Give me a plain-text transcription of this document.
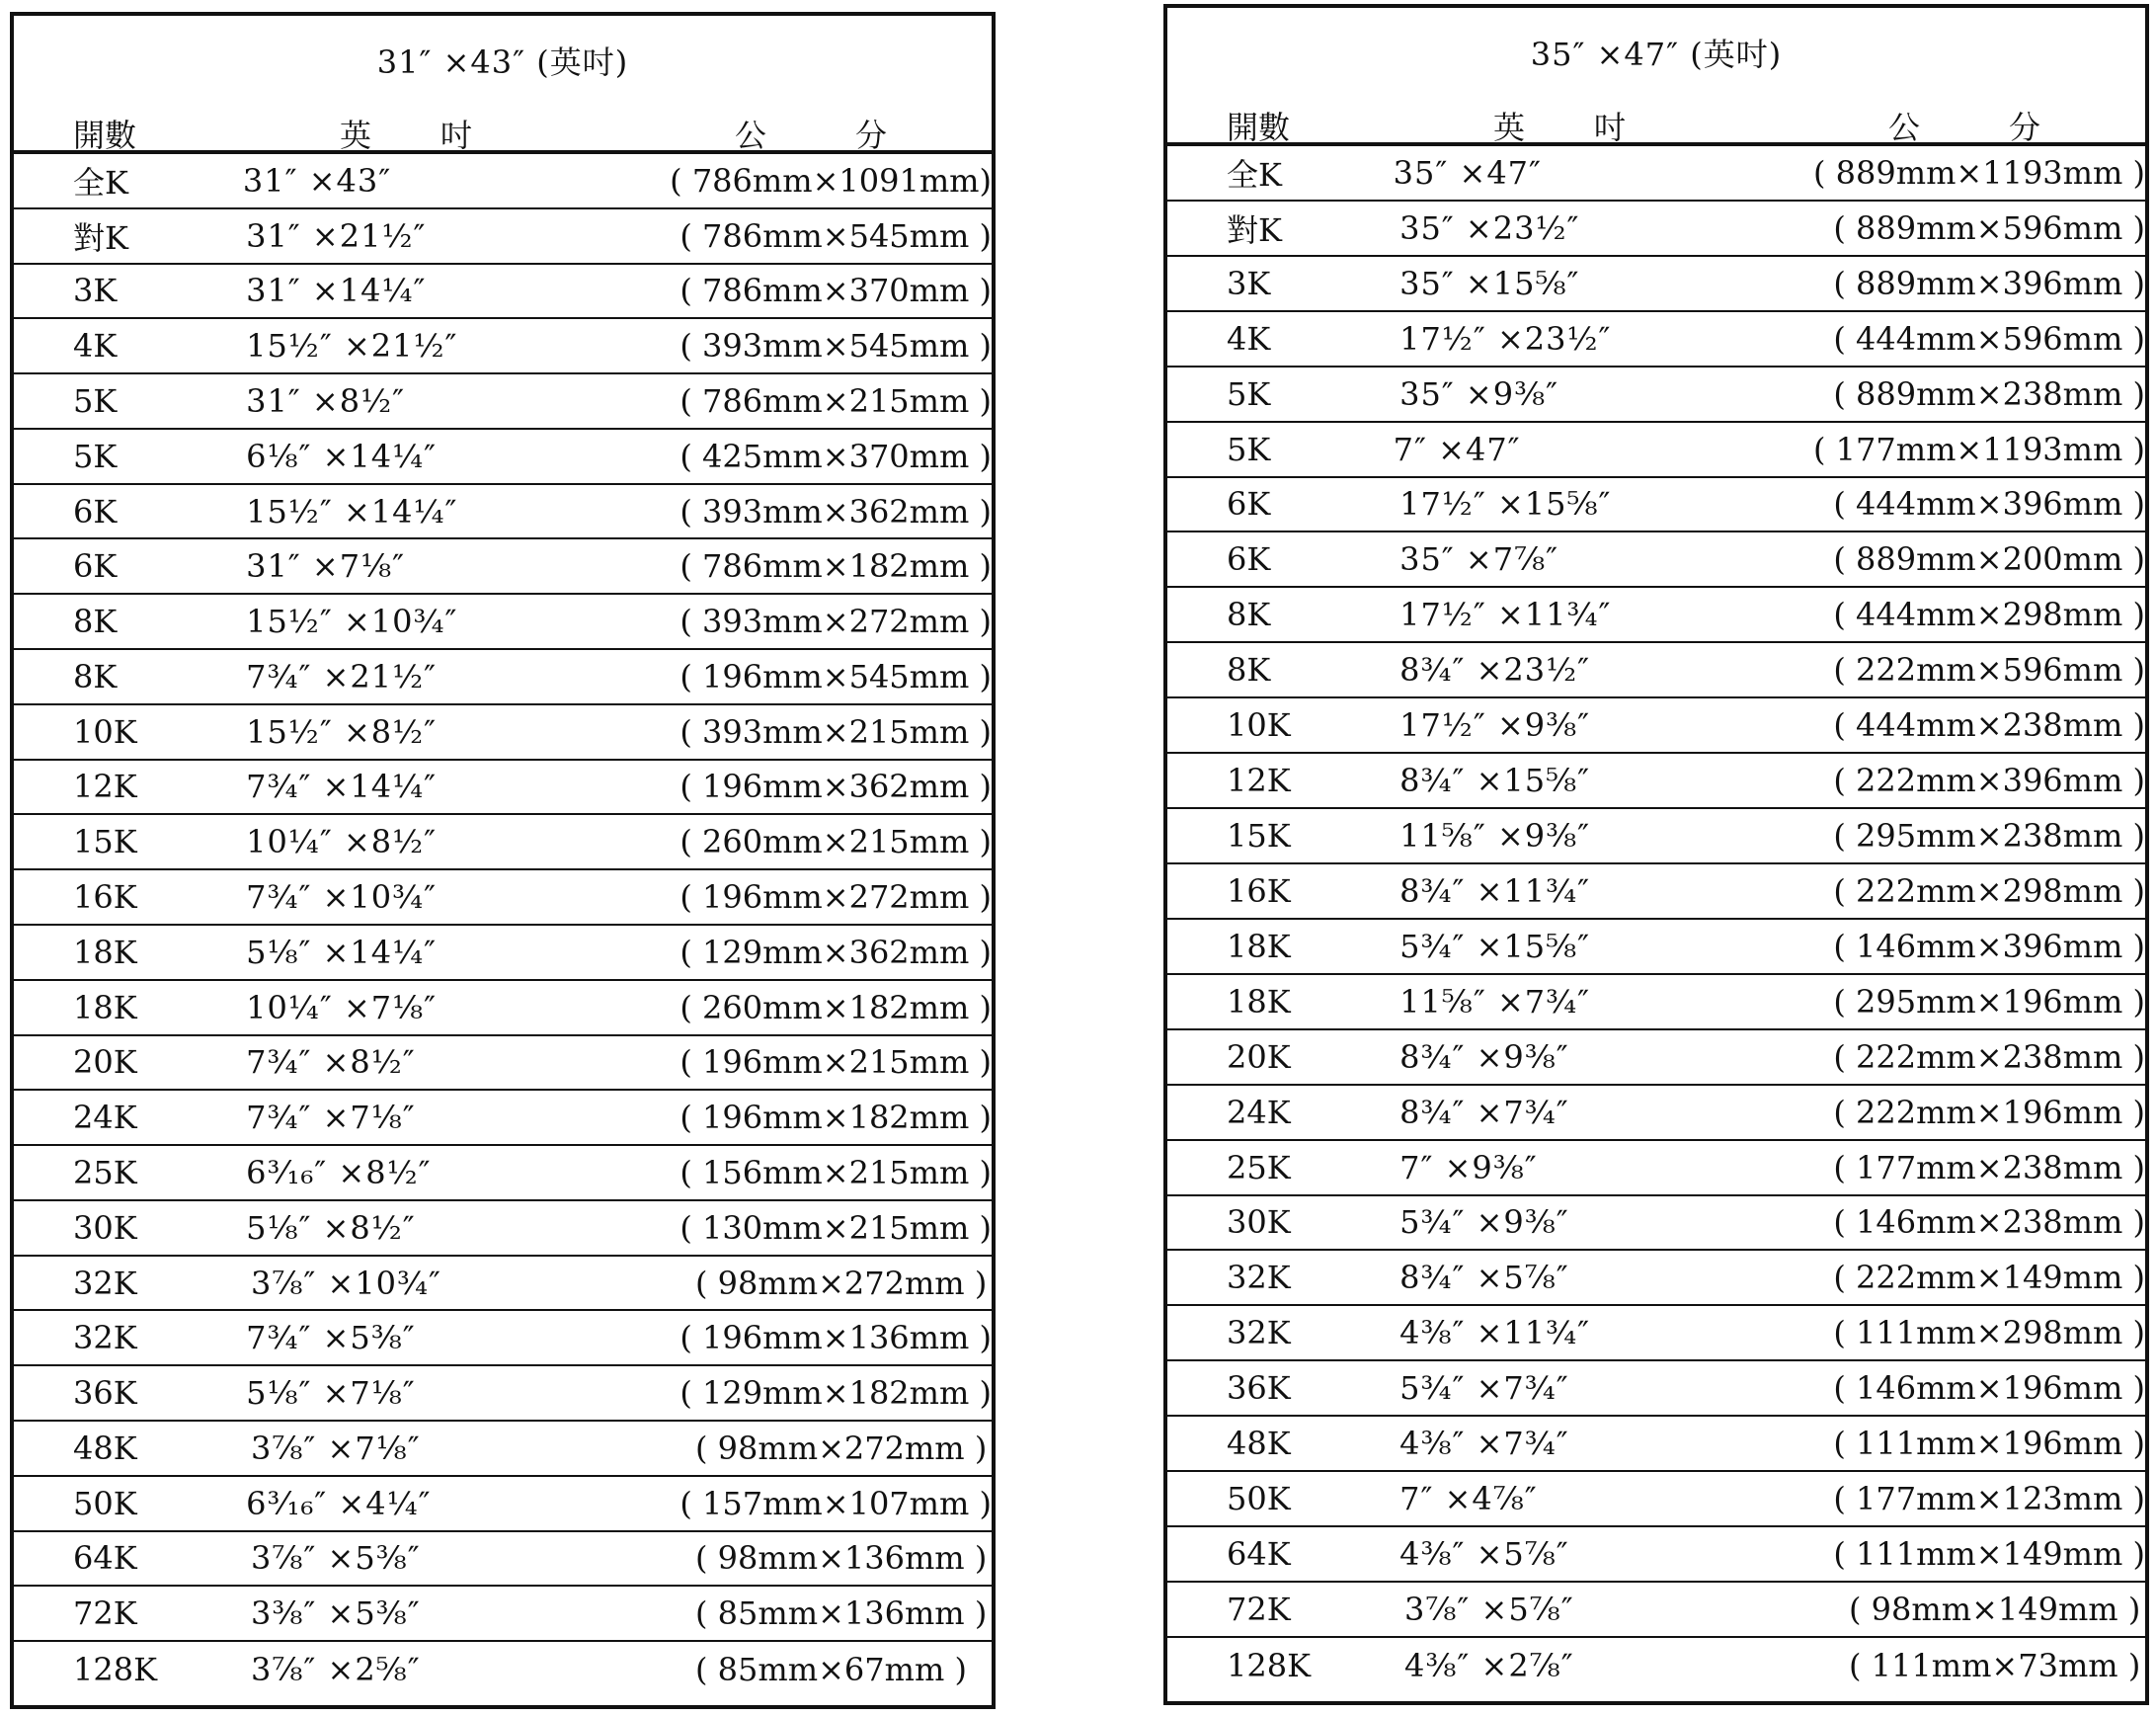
31″ ×43″ (英吋)
開數	英吋	公分
全K	31″ ×43″	( 786mm×1091mm)
對K	31″ ×21½″	( 786mm×545mm )
3K	31″ ×14¼″	( 786mm×370mm )
4K	15½″ ×21½″	( 393mm×545mm )
5K	31″ ×8½″	( 786mm×215mm )
5K	6⅛″ ×14¼″	( 425mm×370mm )
6K	15½″ ×14¼″	( 393mm×362mm )
6K	31″ ×7⅛″	( 786mm×182mm )
8K	15½″ ×10¾″	( 393mm×272mm )
8K	7¾″ ×21½″	( 196mm×545mm )
10K	15½″ ×8½″	( 393mm×215mm )
12K	7¾″ ×14¼″	( 196mm×362mm )
15K	10¼″ ×8½″	( 260mm×215mm )
16K	7¾″ ×10¾″	( 196mm×272mm )
18K	5⅛″ ×14¼″	( 129mm×362mm )
18K	10¼″ ×7⅛″	( 260mm×182mm )
20K	7¾″ ×8½″	( 196mm×215mm )
24K	7¾″ ×7⅛″	( 196mm×182mm )
25K	6³⁄₁₆″ ×8½″	( 156mm×215mm )
30K	5⅛″ ×8½″	( 130mm×215mm )
32K	3⅞″ ×10¾″	( 98mm×272mm )
32K	7¾″ ×5⅜″	( 196mm×136mm )
36K	5⅛″ ×7⅛″	( 129mm×182mm )
48K	3⅞″ ×7⅛″	( 98mm×272mm )
50K	6³⁄₁₆″ ×4¼″	( 157mm×107mm )
64K	3⅞″ ×5⅜″	( 98mm×136mm )
72K	3⅜″ ×5⅜″	( 85mm×136mm )
128K	3⅞″ ×2⅝″	( 85mm×67mm )
35″ ×47″ (英吋)
開數	英吋	公分
全K	35″ ×47″	( 889mm×1193mm )
對K	35″ ×23½″	( 889mm×596mm )
3K	35″ ×15⅝″	( 889mm×396mm )
4K	17½″ ×23½″	( 444mm×596mm )
5K	35″ ×9⅜″	( 889mm×238mm )
5K	7″ ×47″	( 177mm×1193mm )
6K	17½″ ×15⅝″	( 444mm×396mm )
6K	35″ ×7⅞″	( 889mm×200mm )
8K	17½″ ×11¾″	( 444mm×298mm )
8K	8¾″ ×23½″	( 222mm×596mm )
10K	17½″ ×9⅜″	( 444mm×238mm )
12K	8¾″ ×15⅝″	( 222mm×396mm )
15K	11⅝″ ×9⅜″	( 295mm×238mm )
16K	8¾″ ×11¾″	( 222mm×298mm )
18K	5¾″ ×15⅝″	( 146mm×396mm )
18K	11⅝″ ×7¾″	( 295mm×196mm )
20K	8¾″ ×9⅜″	( 222mm×238mm )
24K	8¾″ ×7¾″	( 222mm×196mm )
25K	7″ ×9⅜″	( 177mm×238mm )
30K	5¾″ ×9⅜″	( 146mm×238mm )
32K	8¾″ ×5⅞″	( 222mm×149mm )
32K	4⅜″ ×11¾″	( 111mm×298mm )
36K	5¾″ ×7¾″	( 146mm×196mm )
48K	4⅜″ ×7¾″	( 111mm×196mm )
50K	7″ ×4⅞″	( 177mm×123mm )
64K	4⅜″ ×5⅞″	( 111mm×149mm )
72K	3⅞″ ×5⅞″	( 98mm×149mm )
128K	4⅜″ ×2⅞″	( 111mm×73mm )
